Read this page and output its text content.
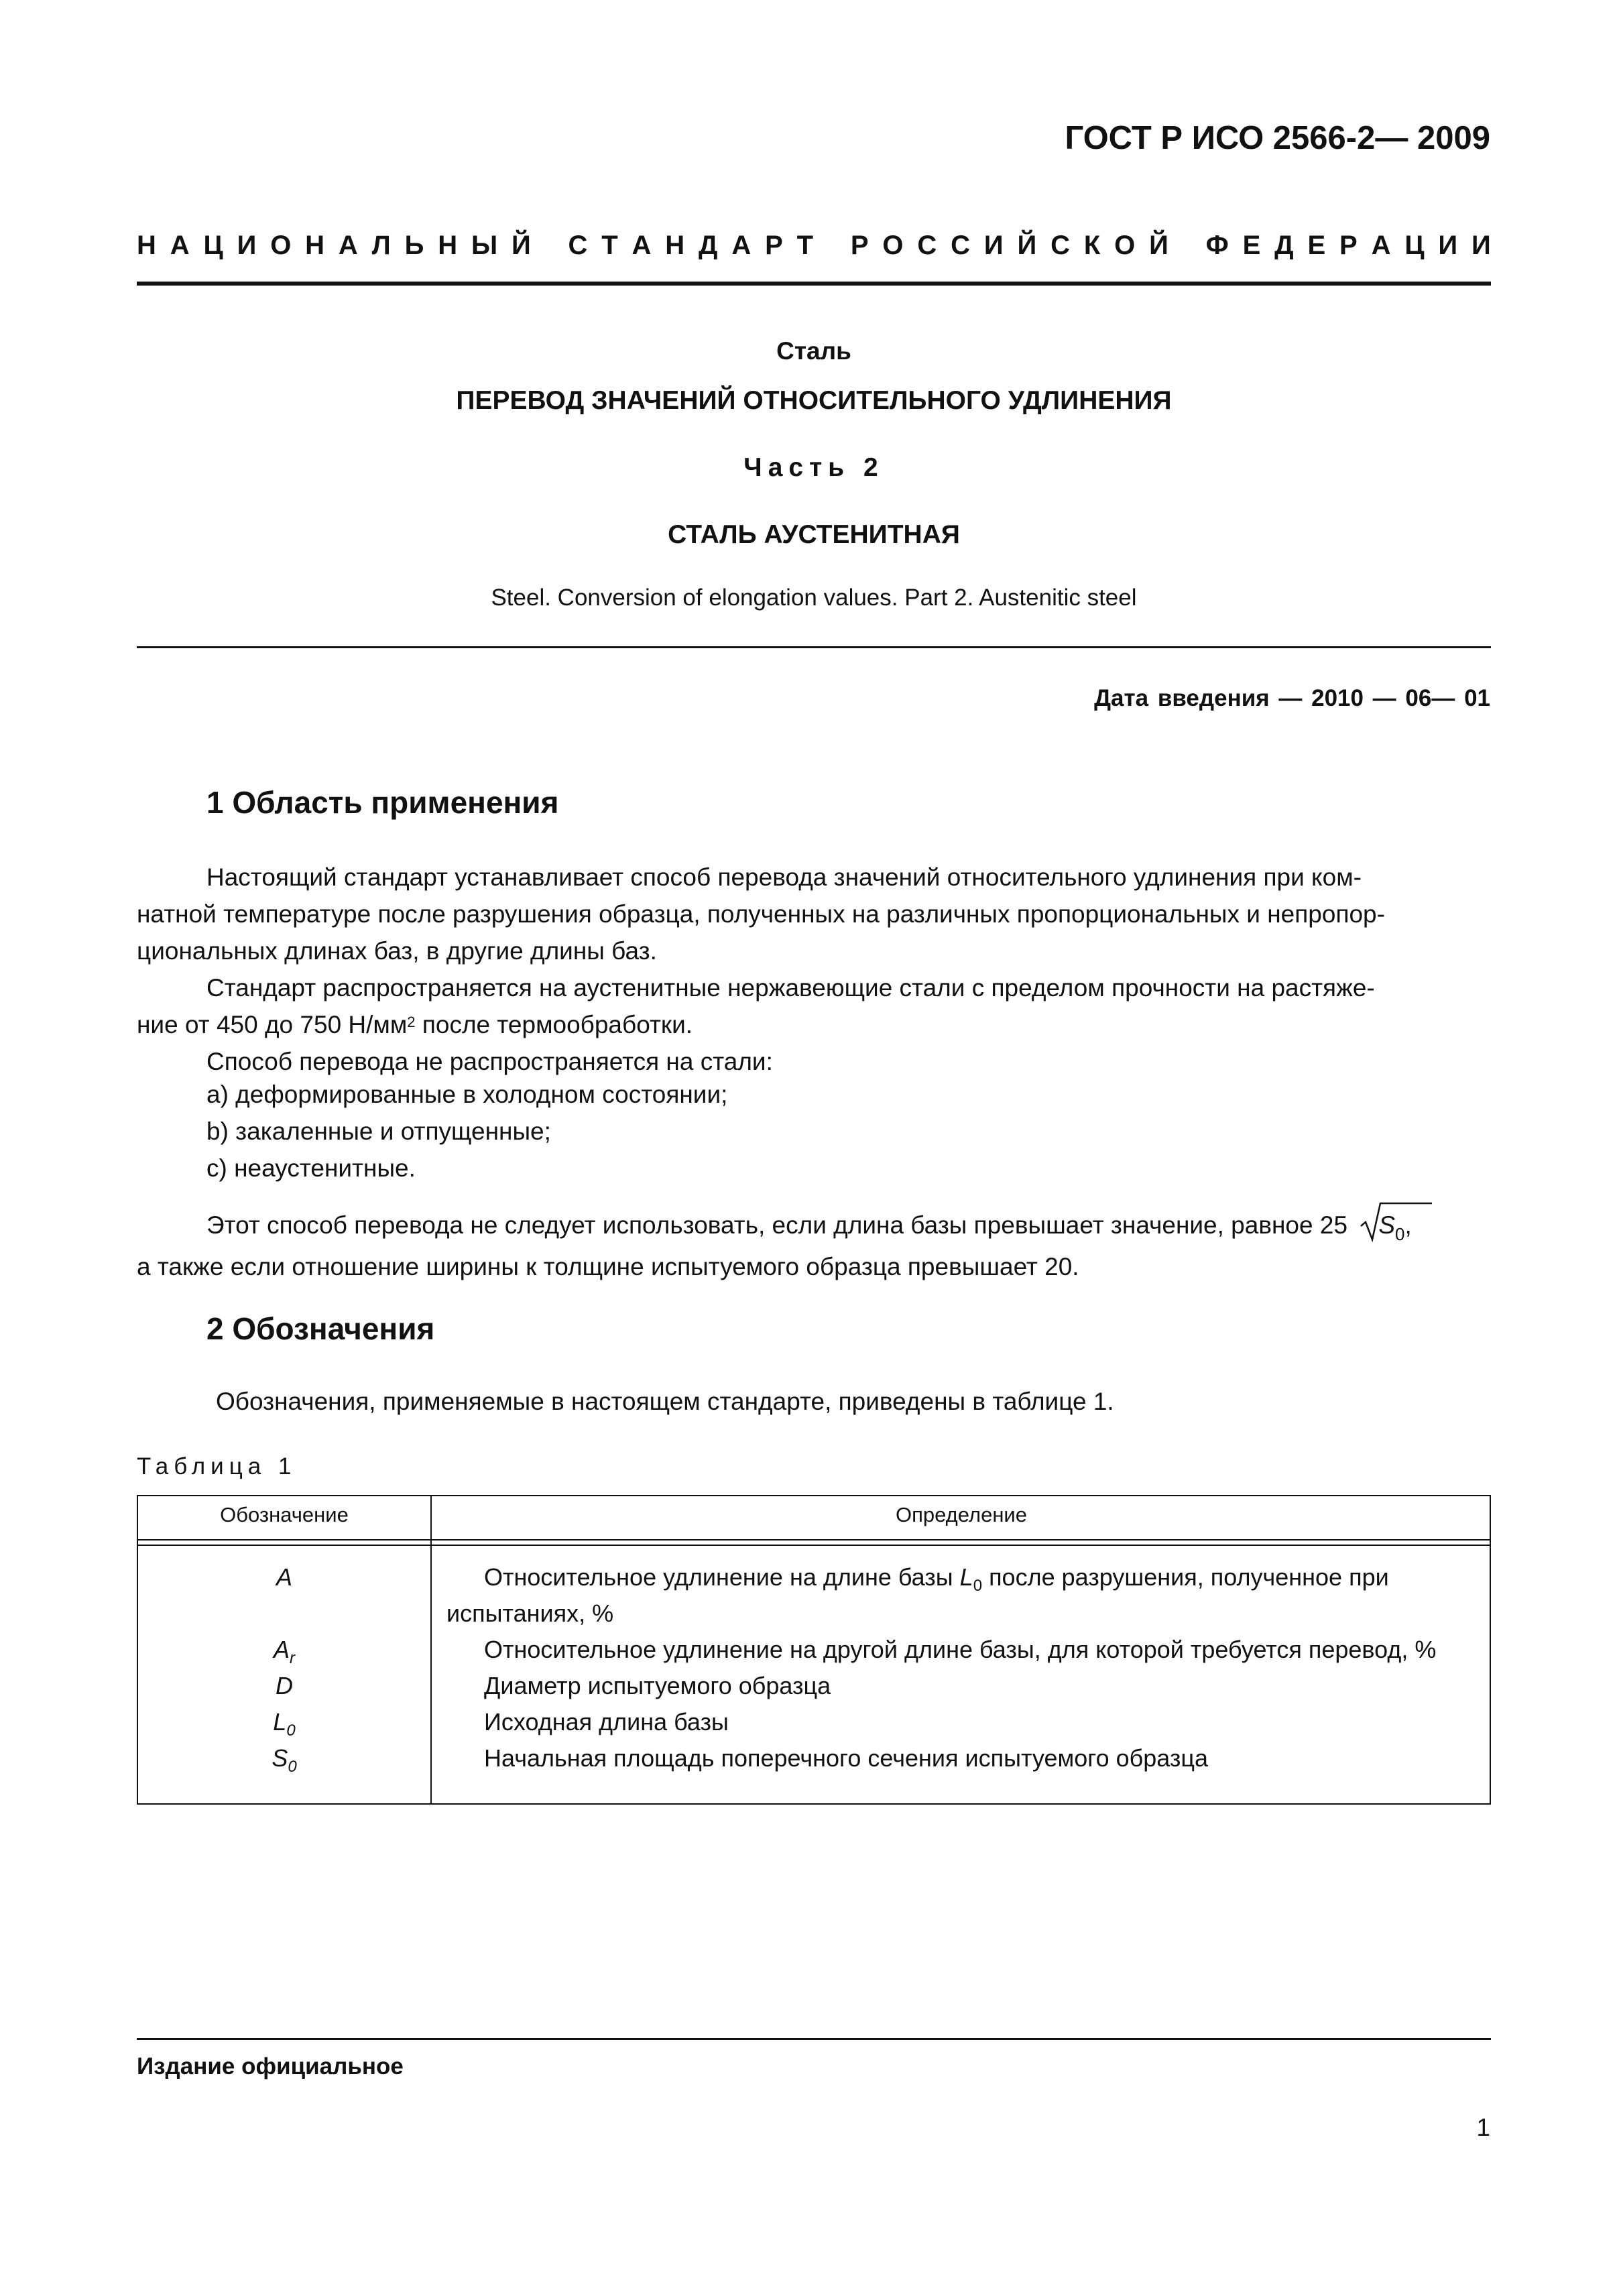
ГОСТ Р ИСО 2566-2— 2009
Н А Ц И О Н А Л Ь Н Ы Й С Т А Н Д А Р Т Р О С С И Й С К О Й Ф Е Д Е Р А Ц И И
Сталь
ПЕРЕВОД ЗНАЧЕНИЙ ОТНОСИТЕЛЬНОГО УДЛИНЕНИЯ
Часть 2
СТАЛЬ АУСТЕНИТНАЯ
Steel. Conversion of elongation values. Part 2. Austenitic steel
Дата введения — 2010 — 06— 01
1 Область применения
Настоящий стандарт устанавливает способ перевода значений относительного удлинения при ком-
натной температуре после разрушения образца, полученных на различных пропорциональных и непропор-
циональных длинах баз, в другие длины баз.
Стандарт распространяется на аустенитные нержавеющие стали с пределом прочности на растяже-
ние от 450 до 750 $Н/мм^2$ после термообработки.
Способ перевода не распространяется на стали:
a) деформированные в холодном состоянии;
b) закаленные и отпущенные;
c) неаустенитные.
Этот способ перевода не следует использовать, если длина базы превышает значение, равное 25
$S_0$,
а также если отношение ширины к толщине испытуемого образца превышает 20.
2 Обозначения
Обозначения, применяемые в настоящем стандарте, приведены в таблице 1.
Таблица 1
Обозначение	Определение
A	Относительное удлинение на длине базы $L_0$ после разрушения, полученное при
испытаниях, %
$A_r$	Относительное удлинение на другой длине базы, для которой требуется перевод, %
D	Диаметр испытуемого образца
$L_0$	Исходная длина базы
$S_0$	Начальная площадь поперечного сечения испытуемого образца
Издание официальное
1
